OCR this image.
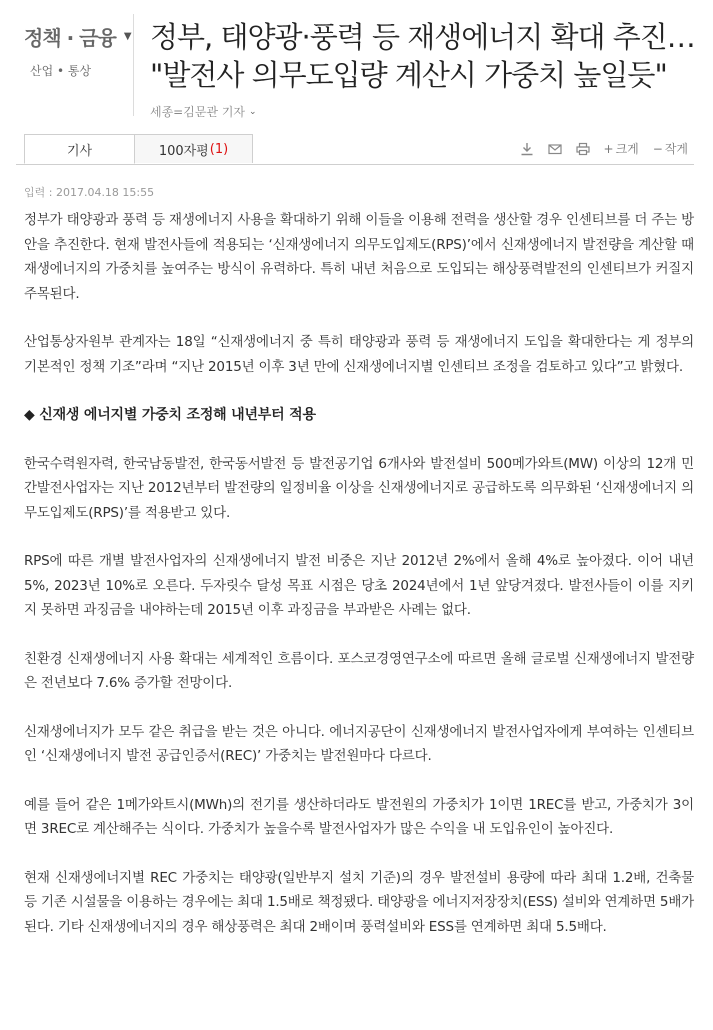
정책 · 금융 ▼
산업 • 통상
정부, 태양광·풍력 등 재생에너지 확대 추진…
"발전사 의무도입량 계산시 가중치 높일듯"
세종=김문관 기자 ⌄
기사	100자평 (1)	+ 크게 − 작게
입력 : 2017.04.18 15:55

정부가 태양광과 풍력 등 재생에너지 사용을 확대하기 위해 이들을 이용해 전력을 생산할 경우 인센티브를 더 주는 방안을 추진한다. 현재 발전사들에 적용되는 ‘신재생에너지 의무도입제도(RPS)’에서 신재생에너지 발전량을 계산할 때 재생에너지의 가중치를 높여주는 방식이 유력하다. 특히 내년 처음으로 도입되는 해상풍력발전의 인센티브가 커질지 주목된다.

산업통상자원부 관계자는 18일 “신재생에너지 중 특히 태양광과 풍력 등 재생에너지 도입을 확대한다는 게 정부의 기본적인 정책 기조”라며 “지난 2015년 이후 3년 만에 신재생에너지별 인센티브 조정을 검토하고 있다”고 밝혔다.

◆ 신재생 에너지별 가중치 조정해 내년부터 적용

한국수력원자력, 한국남동발전, 한국동서발전 등 발전공기업 6개사와 발전설비 500메가와트(MW) 이상의 12개 민간발전사업자는 지난 2012년부터 발전량의 일정비율 이상을 신재생에너지로 공급하도록 의무화된 ‘신재생에너지 의무도입제도(RPS)’를 적용받고 있다.

RPS에 따른 개별 발전사업자의 신재생에너지 발전 비중은 지난 2012년 2%에서 올해 4%로 높아졌다. 이어 내년 5%, 2023년 10%로 오른다. 두자릿수 달성 목표 시점은 당초 2024년에서 1년 앞당겨졌다. 발전사들이 이를 지키지 못하면 과징금을 내야하는데 2015년 이후 과징금을 부과받은 사례는 없다.

친환경 신재생에너지 사용 확대는 세계적인 흐름이다. 포스코경영연구소에 따르면 올해 글로벌 신재생에너지 발전량은 전년보다 7.6% 증가할 전망이다.

신재생에너지가 모두 같은 취급을 받는 것은 아니다. 에너지공단이 신재생에너지 발전사업자에게 부여하는 인센티브인 ‘신재생에너지 발전 공급인증서(REC)’ 가중치는 발전원마다 다르다.

예를 들어 같은 1메가와트시(MWh)의 전기를 생산하더라도 발전원의 가중치가 1이면 1REC를 받고, 가중치가 3이면 3REC로 계산해주는 식이다. 가중치가 높을수록 발전사업자가 많은 수익을 내 도입유인이 높아진다.

현재 신재생에너지별 REC 가중치는 태양광(일반부지 설치 기준)의 경우 발전설비 용량에 따라 최대 1.2배, 건축물 등 기존 시설물을 이용하는 경우에는 최대 1.5배로 책정됐다. 태양광을 에너지저장장치(ESS) 설비와 연계하면 5배가 된다. 기타 신재생에너지의 경우 해상풍력은 최대 2배이며 풍력설비와 ESS를 연계하면 최대 5.5배다.
